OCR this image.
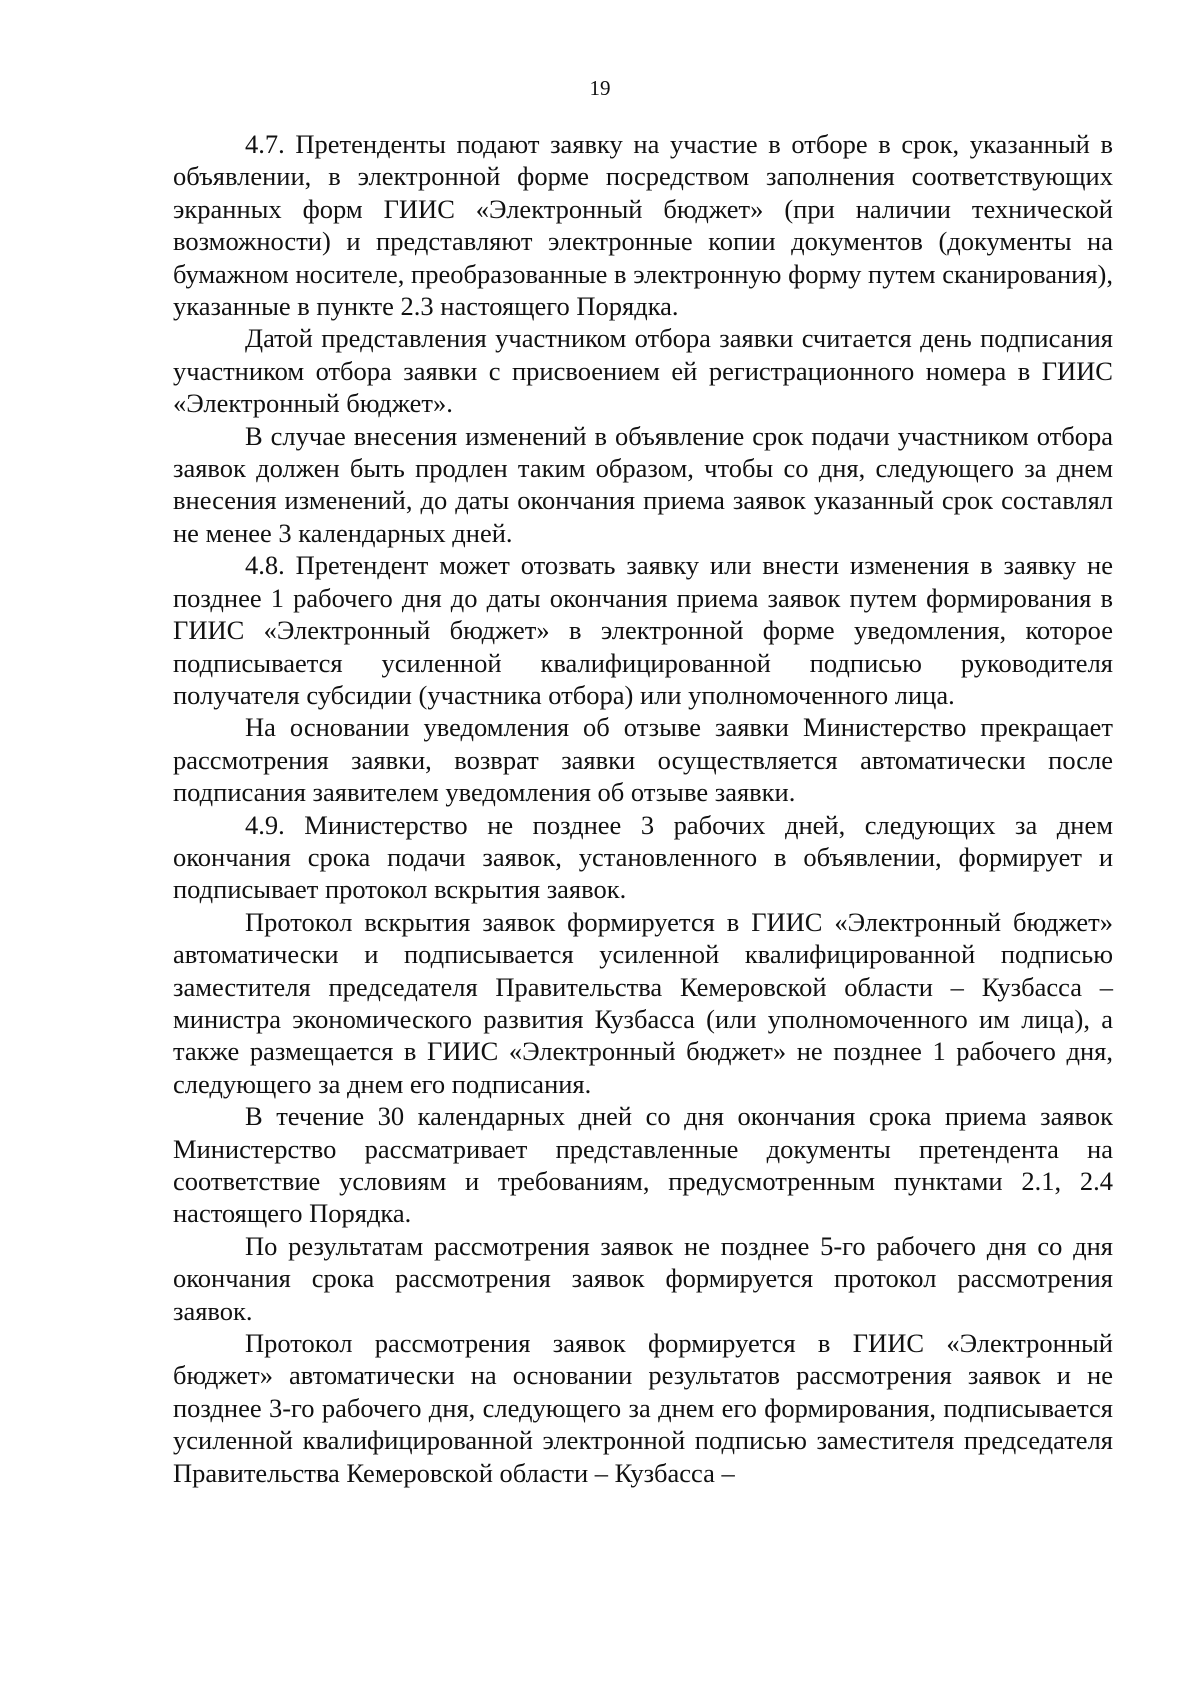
19

4.7. Претенденты подают заявку на участие в отборе в срок, указанный в объявлении, в электронной форме посредством заполнения соответствующих экранных форм ГИИС «Электронный бюджет» (при наличии технической возможности) и представляют электронные копии документов (документы на бумажном носителе, преобразованные в электронную форму путем сканирования), указанные в пункте 2.3 настоящего Порядка.

Датой представления участником отбора заявки считается день подписания участником отбора заявки с присвоением ей регистрационного номера в ГИИС «Электронный бюджет».

В случае внесения изменений в объявление срок подачи участником отбора заявок должен быть продлен таким образом, чтобы со дня, следующего за днем внесения изменений, до даты окончания приема заявок указанный срок составлял не менее 3 календарных дней.

4.8. Претендент может отозвать заявку или внести изменения в заявку не позднее 1 рабочего дня до даты окончания приема заявок путем формирования в ГИИС «Электронный бюджет» в электронной форме уведомления, которое подписывается усиленной квалифицированной подписью руководителя получателя субсидии (участника отбора) или уполномоченного лица.

На основании уведомления об отзыве заявки Министерство прекращает рассмотрения заявки, возврат заявки осуществляется автоматически после подписания заявителем уведомления об отзыве заявки.

4.9. Министерство не позднее 3 рабочих дней, следующих за днем окончания срока подачи заявок, установленного в объявлении, формирует и подписывает протокол вскрытия заявок.

Протокол вскрытия заявок формируется в ГИИС «Электронный бюджет» автоматически и подписывается усиленной квалифицированной подписью заместителя председателя Правительства Кемеровской области – Кузбасса – министра экономического развития Кузбасса (или уполномоченного им лица), а также размещается в ГИИС «Электронный бюджет» не позднее 1 рабочего дня, следующего за днем его подписания.

В течение 30 календарных дней со дня окончания срока приема заявок Министерство рассматривает представленные документы претендента на соответствие условиям и требованиям, предусмотренным пунктами 2.1, 2.4 настоящего Порядка.

По результатам рассмотрения заявок не позднее 5-го рабочего дня со дня окончания срока рассмотрения заявок формируется протокол рассмотрения заявок.

Протокол рассмотрения заявок формируется в ГИИС «Электронный бюджет» автоматически на основании результатов рассмотрения заявок и не позднее 3-го рабочего дня, следующего за днем его формирования, подписывается усиленной квалифицированной электронной подписью заместителя председателя Правительства Кемеровской области – Кузбасса –
